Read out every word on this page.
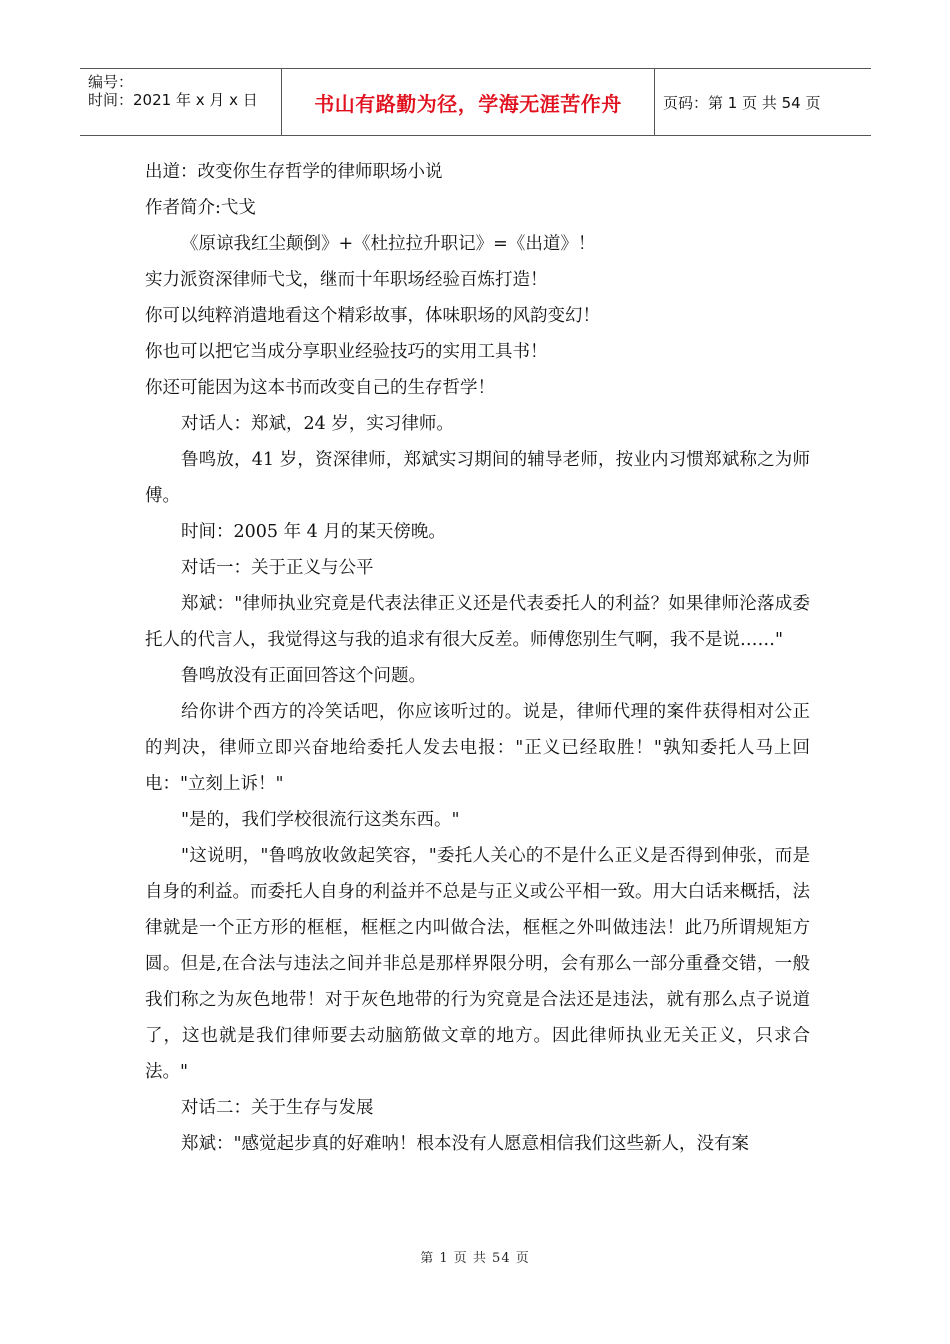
编号：
时间：2021 年 x 月 x 日	书山有路勤为径，学海无涯苦作舟	页码：第 1 页 共 54 页

出道：改变你生存哲学的律师职场小说

作者简介:弋戈

《原谅我红尘颠倒》+《杜拉拉升职记》=《出道》！

实力派资深律师弋戈，继而十年职场经验百炼打造！

你可以纯粹消遣地看这个精彩故事，体味职场的风韵变幻！

你也可以把它当成分享职业经验技巧的实用工具书！

你还可能因为这本书而改变自己的生存哲学！

对话人：郑斌，24 岁，实习律师。

鲁鸣放，41 岁，资深律师，郑斌实习期间的辅导老师，按业内习惯郑斌称之为师傅。

时间：2005 年 4 月的某天傍晚。

对话一：关于正义与公平

郑斌："律师执业究竟是代表法律正义还是代表委托人的利益？如果律师沦落成委托人的代言人，我觉得这与我的追求有很大反差。师傅您别生气啊，我不是说……"

鲁鸣放没有正面回答这个问题。

给你讲个西方的冷笑话吧，你应该听过的。说是，律师代理的案件获得相对公正的判决，律师立即兴奋地给委托人发去电报："正义已经取胜！"孰知委托人马上回电："立刻上诉！"

"是的，我们学校很流行这类东西。"

"这说明，"鲁鸣放收敛起笑容，"委托人关心的不是什么正义是否得到伸张，而是自身的利益。而委托人自身的利益并不总是与正义或公平相一致。用大白话来概括，法律就是一个正方形的框框，框框之内叫做合法，框框之外叫做违法！此乃所谓规矩方圆。但是,在合法与违法之间并非总是那样界限分明，会有那么一部分重叠交错，一般我们称之为灰色地带！对于灰色地带的行为究竟是合法还是违法，就有那么点子说道了，这也就是我们律师要去动脑筋做文章的地方。因此律师执业无关正义，只求合法。"

对话二：关于生存与发展

郑斌："感觉起步真的好难呐！根本没有人愿意相信我们这些新人，没有案

第 1 页 共 54 页
